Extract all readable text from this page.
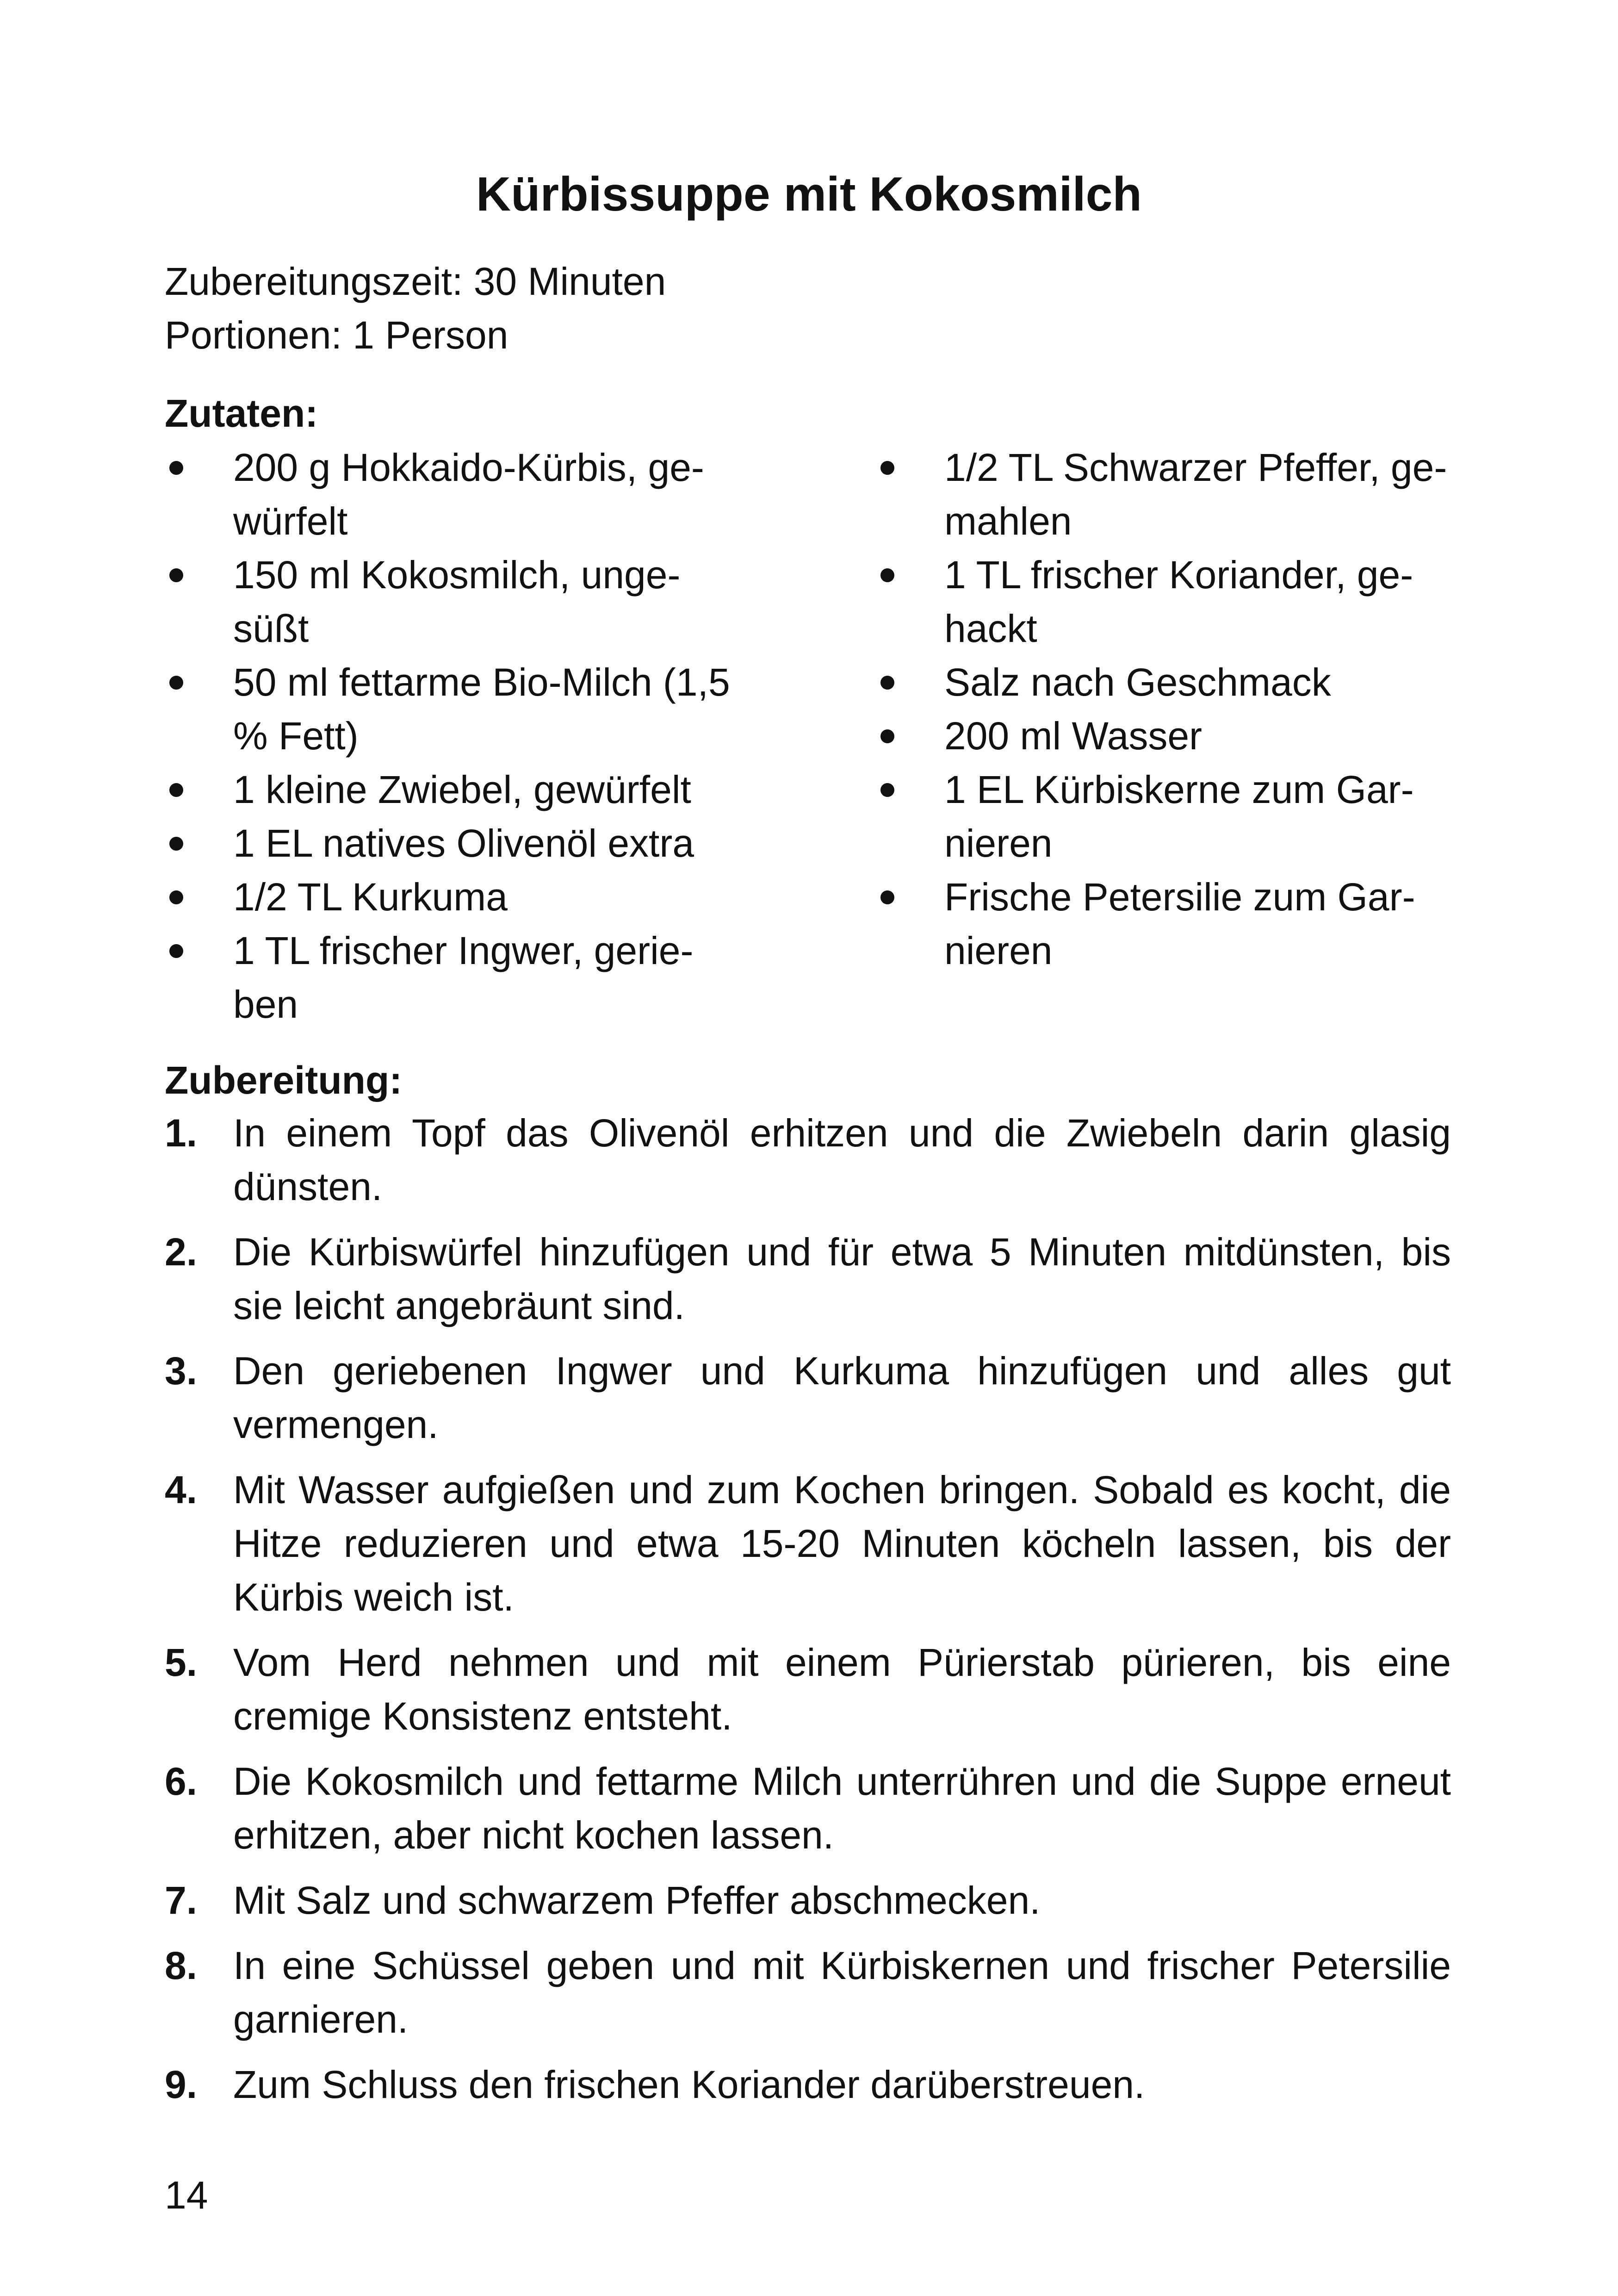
Kürbissuppe mit Kokosmilch
Zubereitungszeit: 30 Minuten
Portionen: 1 Person
Zutaten:
200 g Hokkaido-Kürbis, ge-
würfelt
150 ml Kokosmilch, unge-
süßt
50 ml fettarme Bio-Milch (1,5
% Fett)
1 kleine Zwiebel, gewürfelt
1 EL natives Olivenöl extra
1/2 TL Kurkuma
1 TL frischer Ingwer, gerie-
ben
1/2 TL Schwarzer Pfeffer, ge-
mahlen
1 TL frischer Koriander, ge-
hackt
Salz nach Geschmack
200 ml Wasser
1 EL Kürbiskerne zum Gar-
nieren
Frische Petersilie zum Gar-
nieren
Zubereitung:
1. In einem Topf das Olivenöl erhitzen und die Zwiebeln darin glasig dünsten.
2. Die Kürbiswürfel hinzufügen und für etwa 5 Minuten mitdünsten, bis sie leicht angebräunt sind.
3. Den geriebenen Ingwer und Kurkuma hinzufügen und alles gut vermengen.
4. Mit Wasser aufgießen und zum Kochen bringen. Sobald es kocht, die Hitze reduzieren und etwa 15-20 Minuten köcheln lassen, bis der Kürbis weich ist.
5. Vom Herd nehmen und mit einem Pürierstab pürieren, bis eine cremige Konsistenz entsteht.
6. Die Kokosmilch und fettarme Milch unterrühren und die Suppe erneut erhitzen, aber nicht kochen lassen.
7. Mit Salz und schwarzem Pfeffer abschmecken.
8. In eine Schüssel geben und mit Kürbiskernen und frischer Petersilie garnieren.
9. Zum Schluss den frischen Koriander darüberstreuen.
14
